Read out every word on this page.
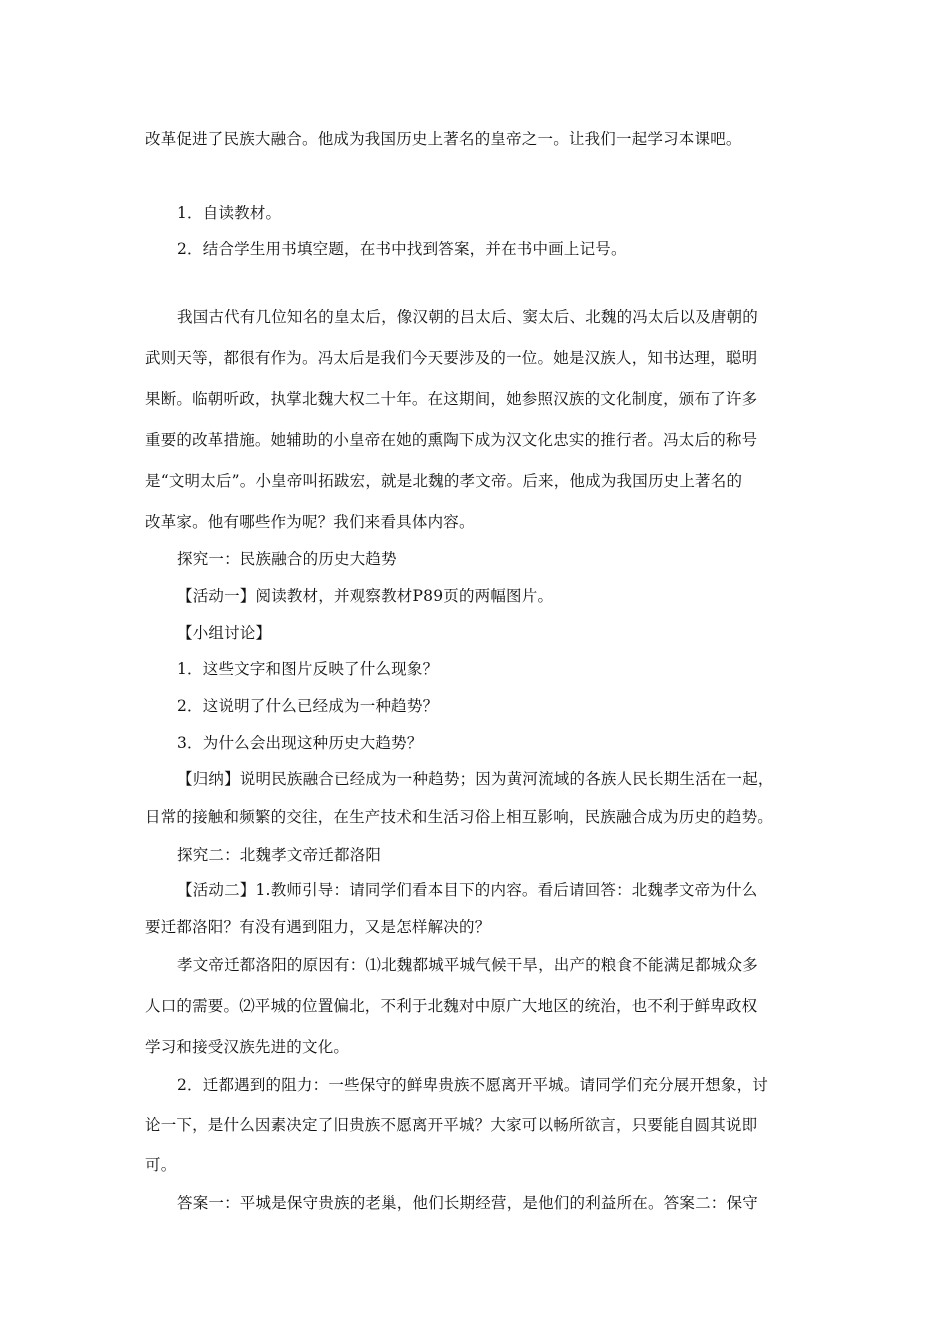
改革促进了民族大融合。他成为我国历史上著名的皇帝之一。让我们一起学习本课吧。
1．自读教材。
2．结合学生用书填空题，在书中找到答案，并在书中画上记号。
我国古代有几位知名的皇太后，像汉朝的吕太后、窦太后、北魏的冯太后以及唐朝的
武则天等，都很有作为。冯太后是我们今天要涉及的一位。她是汉族人，知书达理，聪明
果断。临朝听政，执掌北魏大权二十年。在这期间，她参照汉族的文化制度，颁布了许多
重要的改革措施。她辅助的小皇帝在她的熏陶下成为汉文化忠实的推行者。冯太后的称号
是“文明太后”。小皇帝叫拓跋宏，就是北魏的孝文帝。后来，他成为我国历史上著名的
改革家。他有哪些作为呢？我们来看具体内容。
探究一：民族融合的历史大趋势
【活动一】阅读教材，并观察教材P89页的两幅图片。
【小组讨论】
1．这些文字和图片反映了什么现象？
2．这说明了什么已经成为一种趋势？
3．为什么会出现这种历史大趋势？
【归纳】说明民族融合已经成为一种趋势；因为黄河流域的各族人民长期生活在一起，
日常的接触和频繁的交往，在生产技术和生活习俗上相互影响，民族融合成为历史的趋势。
探究二：北魏孝文帝迁都洛阳
【活动二】1.教师引导：请同学们看本目下的内容。看后请回答：北魏孝文帝为什么
要迁都洛阳？有没有遇到阻力，又是怎样解决的？
孝文帝迁都洛阳的原因有：⑴北魏都城平城气候干旱，出产的粮食不能满足都城众多
人口的需要。⑵平城的位置偏北，不利于北魏对中原广大地区的统治，也不利于鲜卑政权
学习和接受汉族先进的文化。
2．迁都遇到的阻力：一些保守的鲜卑贵族不愿离开平城。请同学们充分展开想象，讨
论一下，是什么因素决定了旧贵族不愿离开平城？大家可以畅所欲言，只要能自圆其说即
可。
答案一：平城是保守贵族的老巢，他们长期经营，是他们的利益所在。答案二：保守
